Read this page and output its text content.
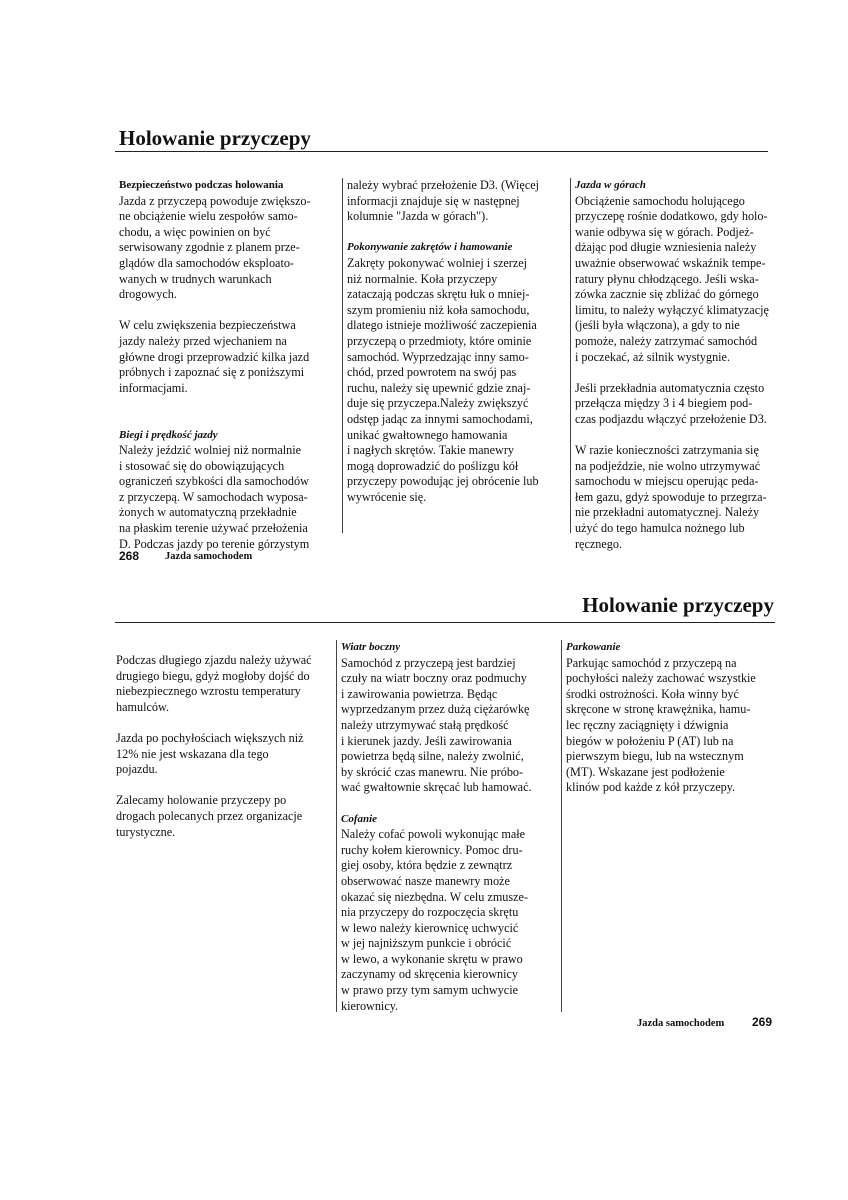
Holowanie przyczepy

Bezpieczeństwo podczas holowania

Jazda z przyczepą powoduje zwiększo-
ne obciążenie wielu zespołów samo-
chodu, a więc powinien on być
serwisowany zgodnie z planem prze-
glądów dla samochodów eksploato-
wanych w trudnych warunkach
drogowych.

W celu zwiększenia bezpieczeństwa
jazdy należy przed wjechaniem na
główne drogi przeprowadzić kilka jazd
próbnych i zapoznać się z poniższymi
informacjami.

Biegi i prędkość jazdy

Należy jeździć wolniej niż normalnie
i stosować się do obowiązujących
ograniczeń szybkości dla samochodów
z przyczepą. W samochodach wyposa-
żonych w automatyczną przekładnie
na płaskim terenie używać przełożenia
D. Podczas jazdy po terenie górzystym

należy wybrać przełożenie D3. (Więcej
informacji znajduje się w następnej
kolumnie "Jazda w górach").

Pokonywanie zakrętów i hamowanie

Zakręty pokonywać wolniej i szerzej
niż normalnie. Koła przyczepy
zataczają podczas skrętu łuk o mniej-
szym promieniu niż koła samochodu,
dlatego istnieje możliwość zaczepienia
przyczepą o przedmioty, które ominie
samochód. Wyprzedzając inny samo-
chód, przed powrotem na swój pas
ruchu, należy się upewnić gdzie znaj-
duje się przyczepa.Należy zwiększyć
odstęp jadąc za innymi samochodami,
unikać gwałtownego hamowania
i nagłych skrętów. Takie manewry
mogą doprowadzić do poślizgu kół
przyczepy powodując jej obrócenie lub
wywrócenie się.

Jazda w górach

Obciążenie samochodu holującego
przyczepę rośnie dodatkowo, gdy holo-
wanie odbywa się w górach. Podjeż-
dżając pod długie wzniesienia należy
uważnie obserwować wskaźnik tempe-
ratury płynu chłodzącego. Jeśli wska-
zówka zacznie się zbliżać do górnego
limitu, to należy wyłączyć klimatyzację
(jeśli była włączona), a gdy to nie
pomoże, należy zatrzymać samochód
i poczekać, aż silnik wystygnie.

Jeśli przekładnia automatycznia często
przełącza między 3 i 4 biegiem pod-
czas podjazdu włączyć przełożenie D3.

W razie konieczności zatrzymania się
na podjeździe, nie wolno utrzymywać
samochodu w miejscu operując peda-
łem gazu, gdyż spowoduje to przegrza-
nie przekładni automatycznej. Należy
użyć do tego hamulca nożnego lub
ręcznego.

268 Jazda samochodem
Holowanie przyczepy

Podczas długiego zjazdu należy używać
drugiego biegu, gdyż mogłoby dojść do
niebezpiecznego wzrostu temperatury
hamulców.

Jazda po pochyłościach większych niż
12% nie jest wskazana dla tego
pojazdu.

Zalecamy holowanie przyczepy po
drogach polecanych przez organizacje
turystyczne.

Wiatr boczny

Samochód z przyczepą jest bardziej
czuły na wiatr boczny oraz podmuchy
i zawirowania powietrza. Będąc
wyprzedzanym przez dużą ciężarówkę
należy utrzymywać stałą prędkość
i kierunek jazdy. Jeśli zawirowania
powietrza będą silne, należy zwolnić,
by skrócić czas manewru. Nie próbo-
wać gwałtownie skręcać lub hamować.

Cofanie

Należy cofać powoli wykonując małe
ruchy kołem kierownicy. Pomoc dru-
giej osoby, która będzie z zewnątrz
obserwować nasze manewry może
okazać się niezbędna. W celu zmusze-
nia przyczepy do rozpoczęcia skrętu
w lewo należy kierownicę uchwycić
w jej najniższym punkcie i obrócić
w lewo, a wykonanie skrętu w prawo
zaczynamy od skręcenia kierownicy
w prawo przy tym samym uchwycie
kierownicy.

Parkowanie

Parkując samochód z przyczepą na
pochyłości należy zachować wszystkie
środki ostrożności. Koła winny być
skręcone w stronę krawężnika, hamu-
lec ręczny zaciągnięty i dźwignia
biegów w położeniu P (AT) lub na
pierwszym biegu, lub na wstecznym
(MT). Wskazane jest podłożenie
klinów pod każde z kół przyczepy.

Jazda samochodem 269
